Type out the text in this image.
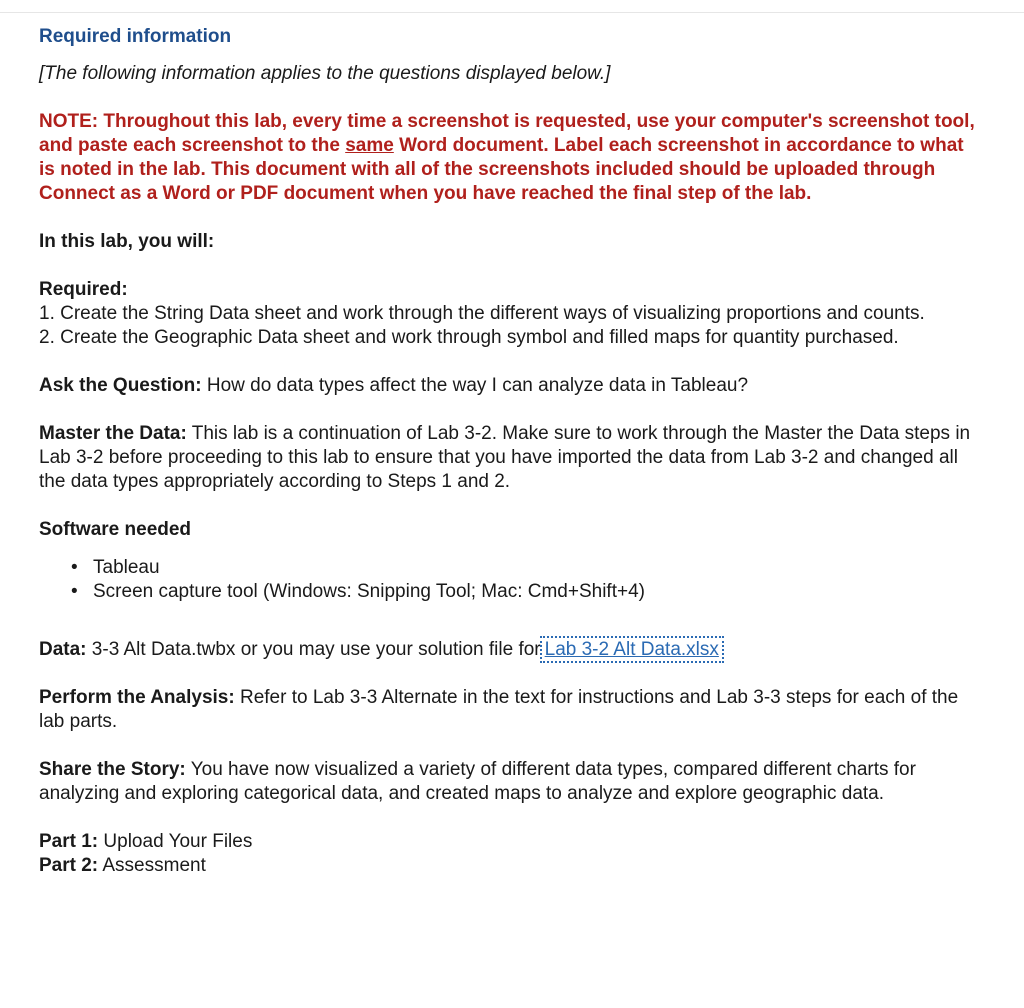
Required information
[The following information applies to the questions displayed below.]
NOTE: Throughout this lab, every time a screenshot is requested, use your computer's screenshot tool, and paste each screenshot to the same Word document. Label each screenshot in accordance to what is noted in the lab. This document with all of the screenshots included should be uploaded through Connect as a Word or PDF document when you have reached the final step of the lab.
In this lab, you will:
Required:
1. Create the String Data sheet and work through the different ways of visualizing proportions and counts.
2. Create the Geographic Data sheet and work through symbol and filled maps for quantity purchased.
Ask the Question: How do data types affect the way I can analyze data in Tableau?
Master the Data: This lab is a continuation of Lab 3-2. Make sure to work through the Master the Data steps in Lab 3-2 before proceeding to this lab to ensure that you have imported the data from Lab 3-2 and changed all the data types appropriately according to Steps 1 and 2.
Software needed
• Tableau
• Screen capture tool (Windows: Snipping Tool; Mac: Cmd+Shift+4)
Data: 3-3 Alt Data.twbx or you may use your solution file for Lab 3-2 Alt Data.xlsx
Perform the Analysis: Refer to Lab 3-3 Alternate in the text for instructions and Lab 3-3 steps for each of the lab parts.
Share the Story: You have now visualized a variety of different data types, compared different charts for analyzing and exploring categorical data, and created maps to analyze and explore geographic data.
Part 1: Upload Your Files
Part 2: Assessment
